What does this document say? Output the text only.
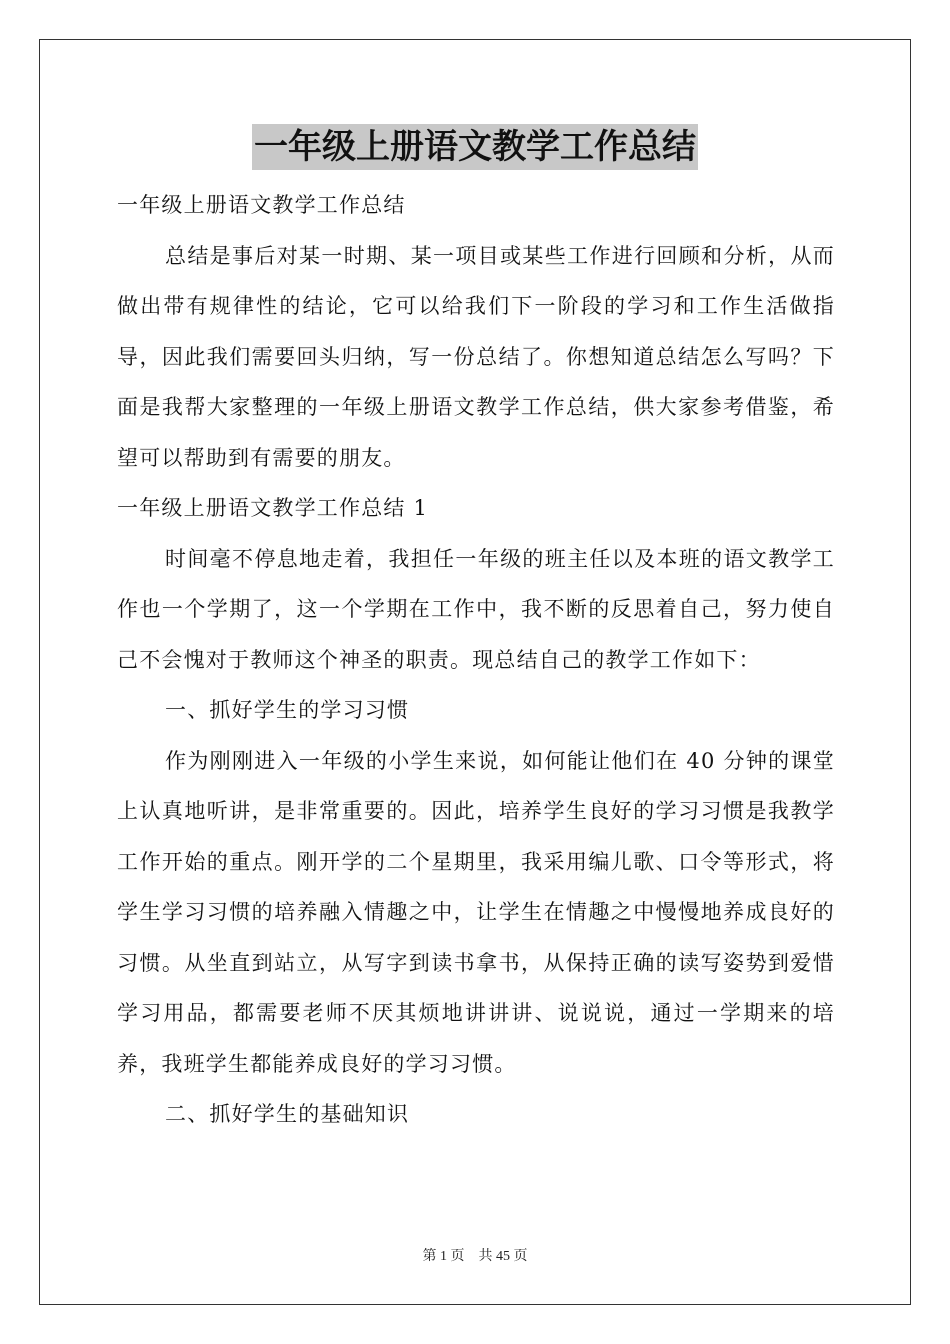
一年级上册语文教学工作总结

一年级上册语文教学工作总结

总结是事后对某一时期、某一项目或某些工作进行回顾和分析，从而做出带有规律性的结论，它可以给我们下一阶段的学习和工作生活做指导，因此我们需要回头归纳，写一份总结了。你想知道总结怎么写吗？下面是我帮大家整理的一年级上册语文教学工作总结，供大家参考借鉴，希望可以帮助到有需要的朋友。

一年级上册语文教学工作总结 1

时间毫不停息地走着，我担任一年级的班主任以及本班的语文教学工作也一个学期了，这一个学期在工作中，我不断的反思着自己，努力使自己不会愧对于教师这个神圣的职责。现总结自己的教学工作如下：

一、抓好学生的学习习惯

作为刚刚进入一年级的小学生来说，如何能让他们在 40 分钟的课堂上认真地听讲，是非常重要的。因此，培养学生良好的学习习惯是我教学工作开始的重点。刚开学的二个星期里，我采用编儿歌、口令等形式，将学生学习习惯的培养融入情趣之中，让学生在情趣之中慢慢地养成良好的习惯。从坐直到站立，从写字到读书拿书，从保持正确的读写姿势到爱惜学习用品，都需要老师不厌其烦地讲讲讲、说说说，通过一学期来的培养，我班学生都能养成良好的学习习惯。

二、抓好学生的基础知识

第 1 页 共 45 页
